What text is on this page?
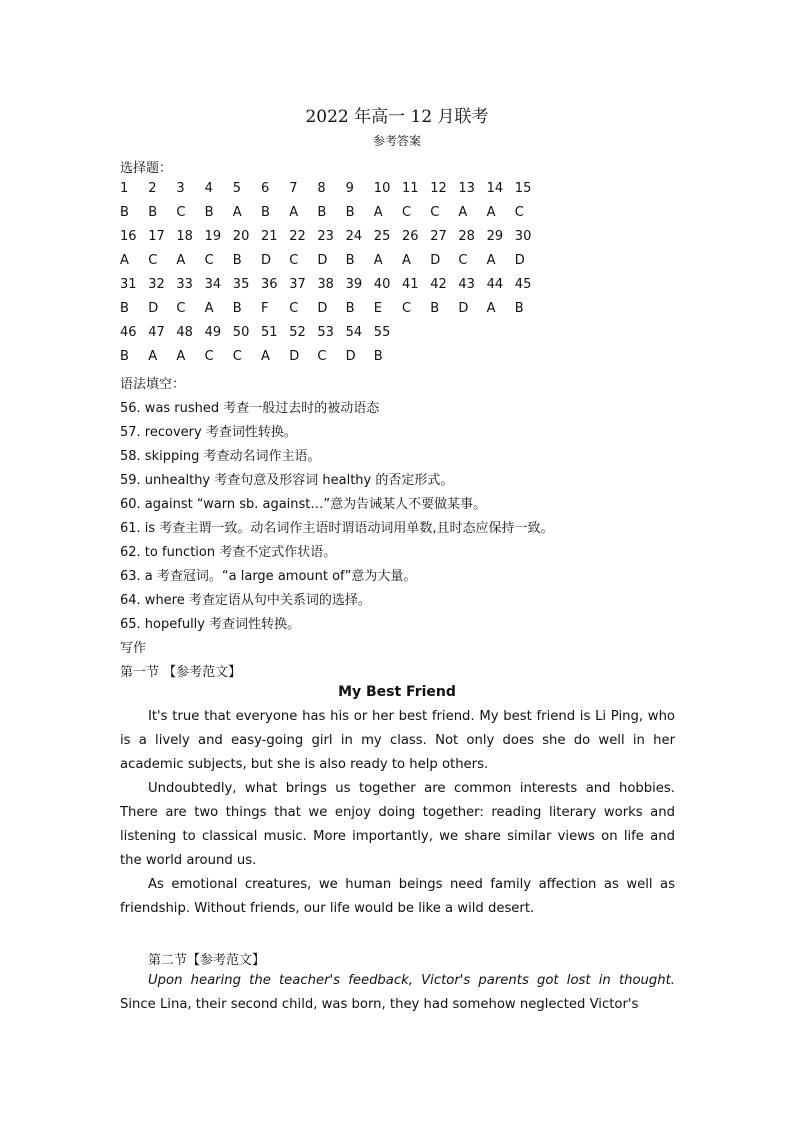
2022 年高一 12 月联考
参考答案
选择题：
1	2	3	4	5	6	7	8	9	10 11 12 13 14 15
B	B	C	B	A	B	A	B	B	A	C	C	A	A	C
16 17 18 19 20 21 22 23 24 25 26 27 28 29 30
A	C	A	C	B	D	C	D	B	A	A	D	C	A	D
31 32 33 34 35 36 37 38 39 40 41 42 43 44 45
B	D	C	A	B	F	C	D	B	E	C	B	D	A	B
46 47 48 49 50 51 52 53 54 55
B	A	A	C	C	A	D	C	D	B
语法填空：
56. was rushed 考查一般过去时的被动语态
57. recovery 考查词性转换。
58. skipping 考查动名词作主语。
59. unhealthy 考查句意及形容词 healthy 的否定形式。
60. against “warn sb. against…”意为告诫某人不要做某事。
61. is 考查主谓一致。动名词作主语时谓语动词用单数,且时态应保持一致。
62. to function 考查不定式作状语。
63. a 考查冠词。“a large amount of”意为大量。
64. where 考查定语从句中关系词的选择。
65. hopefully 考查词性转换。
写作
第一节 【参考范文】
My Best Friend
It's true that everyone has his or her best friend. My best friend is Li Ping, who is a lively and easy-going girl in my class. Not only does she do well in her academic subjects, but she is also ready to help others.
Undoubtedly, what brings us together are common interests and hobbies. There are two things that we enjoy doing together: reading literary works and listening to classical music. More importantly, we share similar views on life and the world around us.
As emotional creatures, we human beings need family affection as well as friendship. Without friends, our life would be like a wild desert.
第二节【参考范文】
Upon hearing the teacher's feedback, Victor's parents got lost in thought. Since Lina, their second child, was born, they had somehow neglected Victor's
